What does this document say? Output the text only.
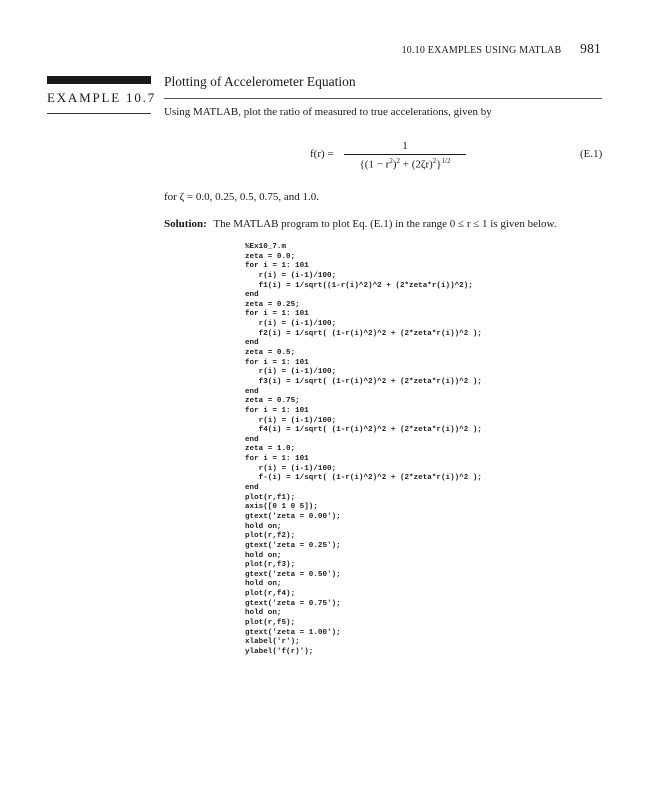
10.10 EXAMPLES USING MATLAB 981
EXAMPLE 10.7
Plotting of Accelerometer Equation
Using MATLAB, plot the ratio of measured to true accelerations, given by
f(r) =
1
$\{(1 - r^2)^2 + (2\zeta r)^2\}^{1/2}$
(E.1)
for ζ = 0.0, 0.25, 0.5, 0.75, and 1.0.
Solution: The MATLAB program to plot Eq. (E.1) in the range 0 ≤ r ≤ 1 is given below.
%Ex10_7.m
zeta = 0.0;
for i = 1: 101
r(i) = (i-1)/100;
f1(i) = 1/sqrt((1-r(i)^2)^2 + (2*zeta*r(i))^2);
end
zeta = 0.25;
for i = 1: 101
r(i) = (i-1)/100;
f2(i) = 1/sqrt( (1-r(i)^2)^2 + (2*zeta*r(i))^2 );
end
zeta = 0.5;
for i = 1: 101
r(i) = (i-1)/100;
f3(i) = 1/sqrt( (1-r(i)^2)^2 + (2*zeta*r(i))^2 );
end
zeta = 0.75;
for i = 1: 101
r(i) = (i-1)/100;
f4(i) = 1/sqrt( (1-r(i)^2)^2 + (2*zeta*r(i))^2 );
end
zeta = 1.0;
for i = 1: 101
r(i) = (i-1)/100;
f-(i) = 1/sqrt( (1-r(i)^2)^2 + (2*zeta*r(i))^2 );
end
plot(r,f1);
axis([0 1 0 5]);
gtext('zeta = 0.00');
hold on;
plot(r,f2);
gtext('zeta = 0.25');
hold on;
plot(r,f3);
gtext('zeta = 0.50');
hold on;
plot(r,f4);
gtext('zeta = 0.75');
hold on;
plot(r,f5);
gtext('zeta = 1.00');
xlabel('r');
ylabel('f(r)');
